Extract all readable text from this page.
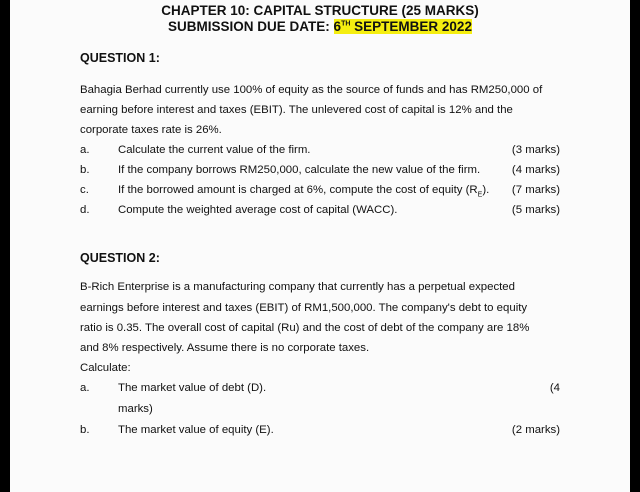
CHAPTER 10: CAPITAL STRUCTURE (25 MARKS)
SUBMISSION DUE DATE: 6TH SEPTEMBER 2022
QUESTION 1:
Bahagia Berhad currently use 100% of equity as the source of funds and has RM250,000 of
earning before interest and taxes (EBIT). The unlevered cost of capital is 12% and the
corporate taxes rate is 26%.
a.	Calculate the current value of the firm.	(3 marks)
b.	If the company borrows RM250,000, calculate the new value of the firm.	(4 marks)
c.	If the borrowed amount is charged at 6%, compute the cost of equity $(R_E)$. (7 marks)
d.	Compute the weighted average cost of capital (WACC).	(5 marks)
QUESTION 2:
B-Rich Enterprise is a manufacturing company that currently has a perpetual expected
earnings before interest and taxes (EBIT) of RM1,500,000. The company's debt to equity
ratio is 0.35. The overall cost of capital (Ru) and the cost of debt of the company are 18%
and 8% respectively. Assume there is no corporate taxes.
Calculate:
a.	The market value of debt (D).	(4
marks)
b.	The market value of equity (E).	(2 marks)
